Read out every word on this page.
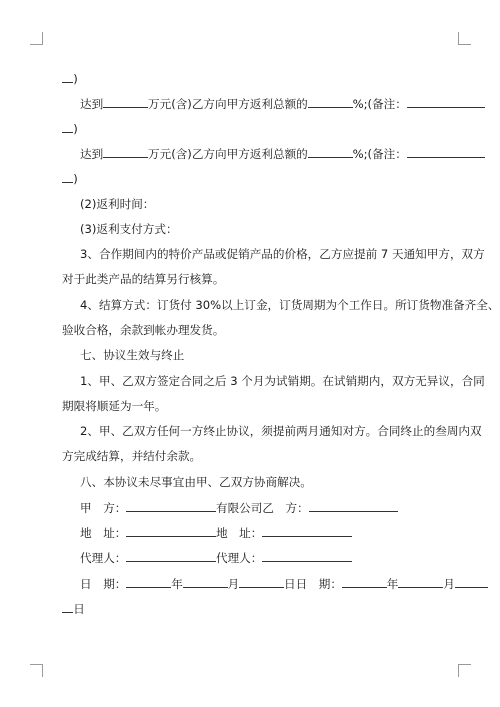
)
达到	万元(含)乙方向甲方返利总额的	%;(备注：
)
达到	万元(含)乙方向甲方返利总额的	%;(备注：
)
(2)返利时间：
(3)返利支付方式：
3、合作期间内的特价产品或促销产品的价格，乙方应提前 7 天通知甲方，双方
对于此类产品的结算另行核算。
4、结算方式：订货付 30%以上订金，订货周期为个工作日。所订货物准备齐全、
验收合格，余款到帐办理发货。
七、协议生效与终止
1、甲、乙双方签定合同之后 3 个月为试销期。在试销期内，双方无异议，合同
期限将顺延为一年。
2、甲、乙双方任何一方终止协议，须提前两月通知对方。合同终止的叁周内双
方完成结算，并结付余款。
八、本协议未尽事宜由甲、乙双方协商解决。
甲　方：	有限公司乙　方：
地　址：	地　址：
代理人：	代理人：
日　期：	年	月	日日　期：	年	月
日
